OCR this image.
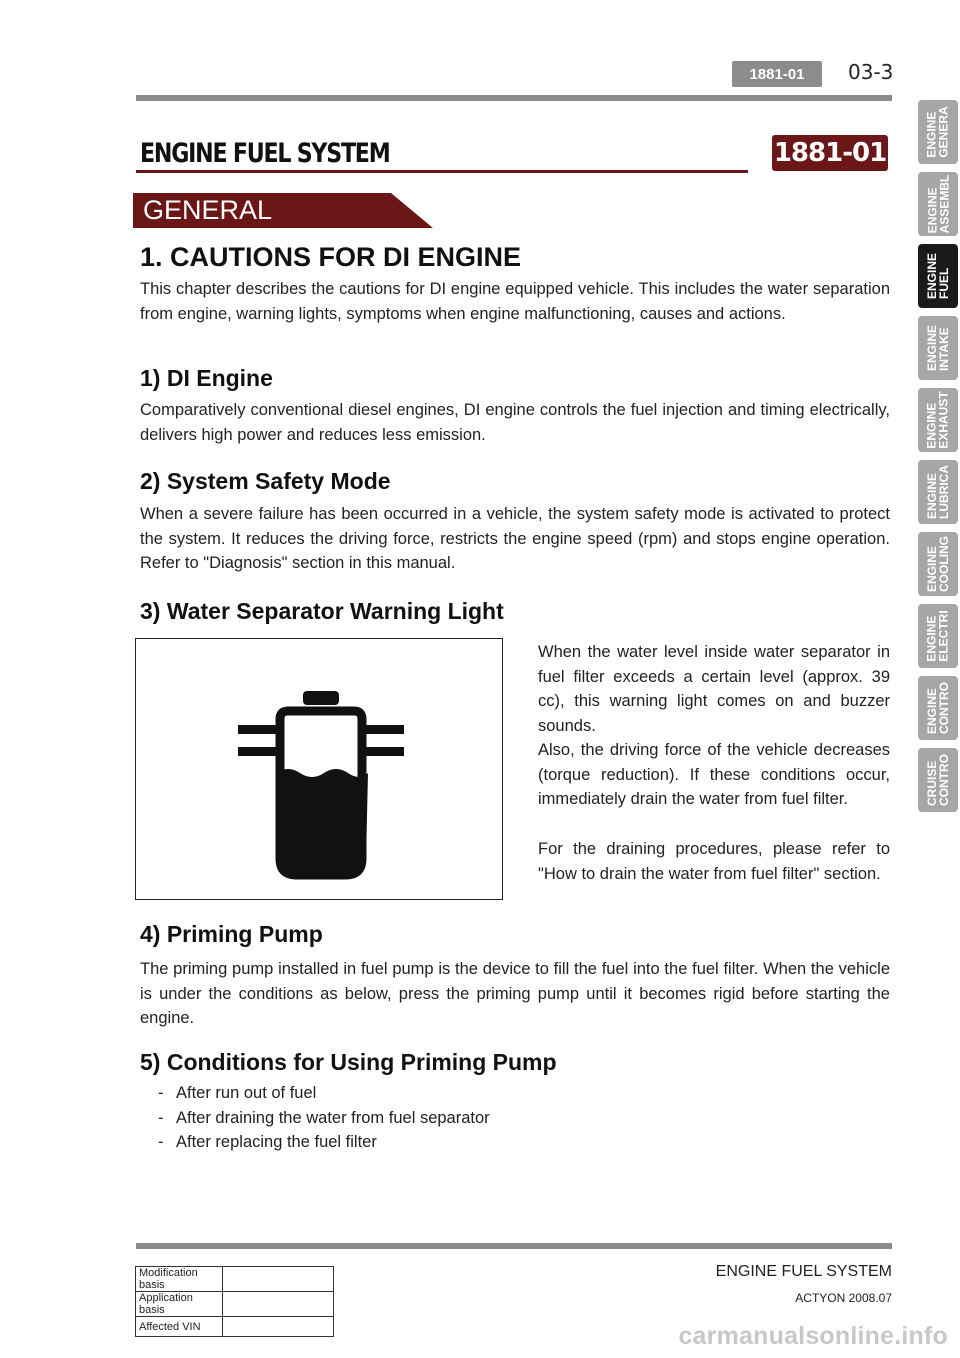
1881-01	03-3
ENGINE FUEL SYSTEM	1881-01
GENERAL
ENGINE
GENERA
ENGINE
ASSEMBL
ENGINE
FUEL
ENGINE
INTAKE
ENGINE
EXHAUST
ENGINE
LUBRICA
ENGINE
COOLING
ENGINE
ELECTRI
ENGINE
CONTRO
CRUISE
CONTRO
1. CAUTIONS FOR DI ENGINE
This chapter describes the cautions for DI engine equipped vehicle. This includes the water separation from engine, warning lights, symptoms when engine malfunctioning, causes and actions.
1) DI Engine
Comparatively conventional diesel engines, DI engine controls the fuel injection and timing electrically, delivers high power and reduces less emission.
2) System Safety Mode
When a severe failure has been occurred in a vehicle, the system safety mode is activated to protect the system. It reduces the driving force, restricts the engine speed (rpm) and stops engine operation. Refer to "Diagnosis" section in this manual.
3) Water Separator Warning Light
When the water level inside water separator in fuel filter exceeds a certain level (approx. 39 cc), this warning light comes on and buzzer sounds.
Also, the driving force of the vehicle decreases (torque reduction). If these conditions occur, immediately drain the water from fuel filter.
For the draining procedures, please refer to "How to drain the water from fuel filter" section.
4) Priming Pump
The priming pump installed in fuel pump is the device to fill the fuel into the fuel filter. When the vehicle is under the conditions as below, press the priming pump until it becomes rigid before starting the engine.
5) Conditions for Using Priming Pump
- After run out of fuel
- After draining the water from fuel separator
- After replacing the fuel filter
Modification basis	
Application basis	
Affected VIN	
ENGINE FUEL SYSTEM
ACTYON 2008.07
carmanualsonline.info
